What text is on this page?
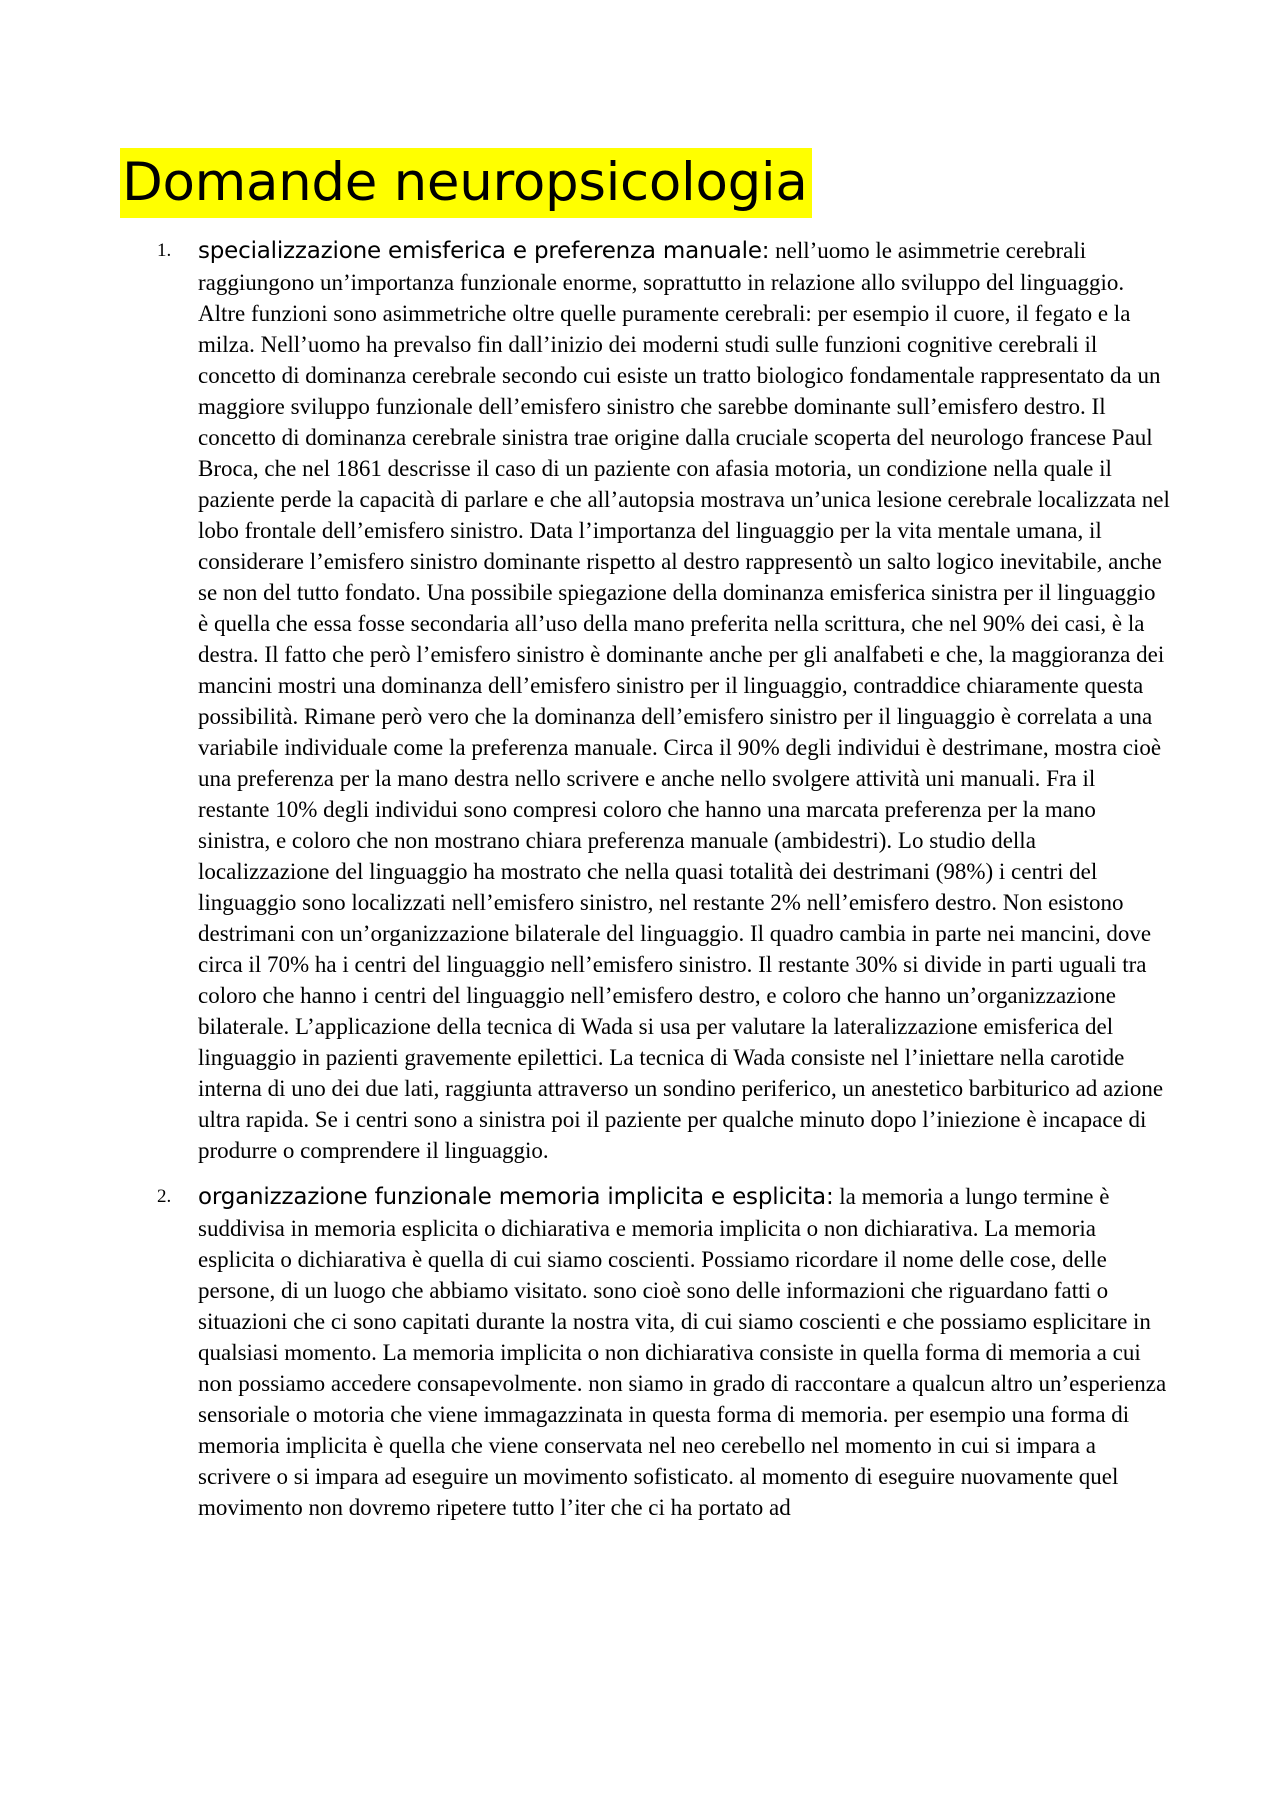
Domande neuropsicologia
1. specializzazione emisferica e preferenza manuale: nell’uomo le asimmetrie cerebrali raggiungono un’importanza funzionale enorme, soprattutto in relazione allo sviluppo del linguaggio. Altre funzioni sono asimmetriche oltre quelle puramente cerebrali: per esempio il cuore, il fegato e la milza. Nell’uomo ha prevalso fin dall’inizio dei moderni studi sulle funzioni cognitive cerebrali il concetto di dominanza cerebrale secondo cui esiste un tratto biologico fondamentale rappresentato da un maggiore sviluppo funzionale dell’emisfero sinistro che sarebbe dominante sull’emisfero destro. Il concetto di dominanza cerebrale sinistra trae origine dalla cruciale scoperta del neurologo francese Paul Broca, che nel 1861 descrisse il caso di un paziente con afasia motoria, un condizione nella quale il paziente perde la capacità di parlare e che all’autopsia mostrava un’unica lesione cerebrale localizzata nel lobo frontale dell’emisfero sinistro. Data l’importanza del linguaggio per la vita mentale umana, il considerare l’emisfero sinistro dominante rispetto al destro rappresentò un salto logico inevitabile, anche se non del tutto fondato. Una possibile spiegazione della dominanza emisferica sinistra per il linguaggio è quella che essa fosse secondaria all’uso della mano preferita nella scrittura, che nel 90% dei casi, è la destra. Il fatto che però l’emisfero sinistro è dominante anche per gli analfabeti e che, la maggioranza dei mancini mostri una dominanza dell’emisfero sinistro per il linguaggio, contraddice chiaramente questa possibilità. Rimane però vero che la dominanza dell’emisfero sinistro per il linguaggio è correlata a una variabile individuale come la preferenza manuale. Circa il 90% degli individui è destrimane, mostra cioè una preferenza per la mano destra nello scrivere e anche nello svolgere attività uni manuali. Fra il restante 10% degli individui sono compresi coloro che hanno una marcata preferenza per la mano sinistra, e coloro che non mostrano chiara preferenza manuale (ambidestri). Lo studio della localizzazione del linguaggio ha mostrato che nella quasi totalità dei destrimani (98%) i centri del linguaggio sono localizzati nell’emisfero sinistro, nel restante 2% nell’emisfero destro. Non esistono destrimani con un’organizzazione bilaterale del linguaggio. Il quadro cambia in parte nei mancini, dove circa il 70% ha i centri del linguaggio nell’emisfero sinistro. Il restante 30% si divide in parti uguali tra coloro che hanno i centri del linguaggio nell’emisfero destro, e coloro che hanno un’organizzazione bilaterale. L’applicazione della tecnica di Wada si usa per valutare la lateralizzazione emisferica del linguaggio in pazienti gravemente epilettici. La tecnica di Wada consiste nel l’iniettare nella carotide interna di uno dei due lati, raggiunta attraverso un sondino periferico, un anestetico barbiturico ad azione ultra rapida. Se i centri sono a sinistra poi il paziente per qualche minuto dopo l’iniezione è incapace di produrre o comprendere il linguaggio.

2. organizzazione funzionale memoria implicita e esplicita: la memoria a lungo termine è suddivisa in memoria esplicita o dichiarativa e memoria implicita o non dichiarativa. La memoria esplicita o dichiarativa è quella di cui siamo coscienti. Possiamo ricordare il nome delle cose, delle persone, di un luogo che abbiamo visitato. sono cioè sono delle informazioni che riguardano fatti o situazioni che ci sono capitati durante la nostra vita, di cui siamo coscienti e che possiamo esplicitare in qualsiasi momento. La memoria implicita o non dichiarativa consiste in quella forma di memoria a cui non possiamo accedere consapevolmente. non siamo in grado di raccontare a qualcun altro un’esperienza sensoriale o motoria che viene immagazzinata in questa forma di memoria. per esempio una forma di memoria implicita è quella che viene conservata nel neo cerebello nel momento in cui si impara a scrivere o si impara ad eseguire un movimento sofisticato. al momento di eseguire nuovamente quel movimento non dovremo ripetere tutto l’iter che ci ha portato ad
